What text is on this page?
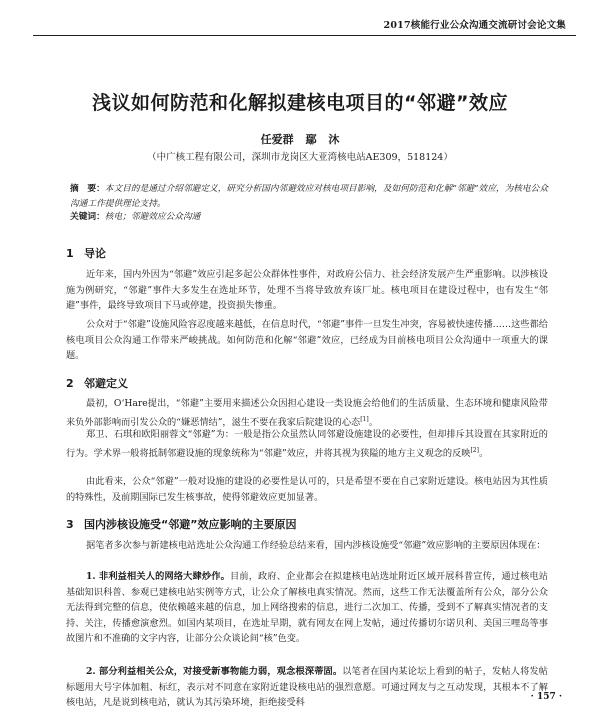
2017核能行业公众沟通交流研讨会论文集
浅议如何防范和化解拟建核电项目的“邻避”效应
任爱群 鄢 沐
（中广核工程有限公司，深圳市龙岗区大亚湾核电站AE309，518124）
摘　要：本文目的是通过介绍邻避定义，研究分析国内邻避效应对核电项目影响，及如何防范和化解“邻避”效应，为核电公众沟通工作提供理论支持。
关键词：核电；邻避效应公众沟通
1 导论
近年来，国内外因为“邻避”效应引起多起公众群体性事件，对政府公信力、社会经济发展产生严重影响。以涉核设施为例研究，“邻避”事件大多发生在选址环节，处理不当将导致放弃该厂址。核电项目在建设过程中，也有发生“邻避”事件，最终导致项目下马或停建，投资损失惨重。
公众对于“邻避”设施风险容忍度越来越低，在信息时代，“邻避”事件一旦发生冲突，容易被快速传播……这些都给核电项目公众沟通工作带来严峻挑战。如何防范和化解“邻避”效应，已经成为目前核电项目公众沟通中一项重大的课题。
2 邻避定义
最初，O‘Hare提出，“邻避”主要用来描述公众因担心建设一类设施会给他们的生活质量、生态环境和健康风险带来负外部影响而引发公众的“嫌恶情结”，滋生不要在我家后院建设的心态[1]。
郑卫、石琪和欧阳丽蓉文“邻避”为：一般是指公众虽然认同邻避设施建设的必要性，但却排斥其设置在其家附近的行为。学术界一般将抵制邻避设施的现象统称为“邻避”效应，并将其视为狭隘的地方主义观念的反映[2]。
由此看来，公众“邻避”一般对设施的建设的必要性是认可的，只是希望不要在自己家附近建设。核电站因为其性质的特殊性，及前期国际已发生核事故，使得邻避效应更加显著。
3 国内涉核设施受“邻避”效应影响的主要原因
据笔者多次参与新建核电站选址公众沟通工作经验总结来看，国内涉核设施受“邻避”效应影响的主要原因体现在：
1. 非利益相关人的网络大肆炒作。目前，政府、企业都会在拟建核电站选址附近区域开展科普宣传，通过核电站基础知识科普、参观已建核电站实例等方式，让公众了解核电真实情况。然而，这些工作无法覆盖所有公众，部分公众无法得到完整的信息，使依赖越来越的信息，加上网络搜索的信息，进行二次加工、传播，受到不了解真实情况者的支持、关注，传播愈演愈烈。如国内某项目，在选址早期，就有网友在网上发帖，通过传播切尔诺贝利、美国三哩岛等事故图片和不准确的文字内容，让部分公众谈论间“核”色变。
2. 部分利益相关公众，对接受新事物能力弱，观念根深蒂固。以笔者在国内某论坛上看到的帖子，发帖人将发帖标题用大号字体加粗、标红，表示对不同意在家附近建设核电站的强烈意愿。可通过网友与之互动发现，其根本不了解核电站，凡是说到核电站，就认为其污染环境，拒绝接受科
· 157 ·
